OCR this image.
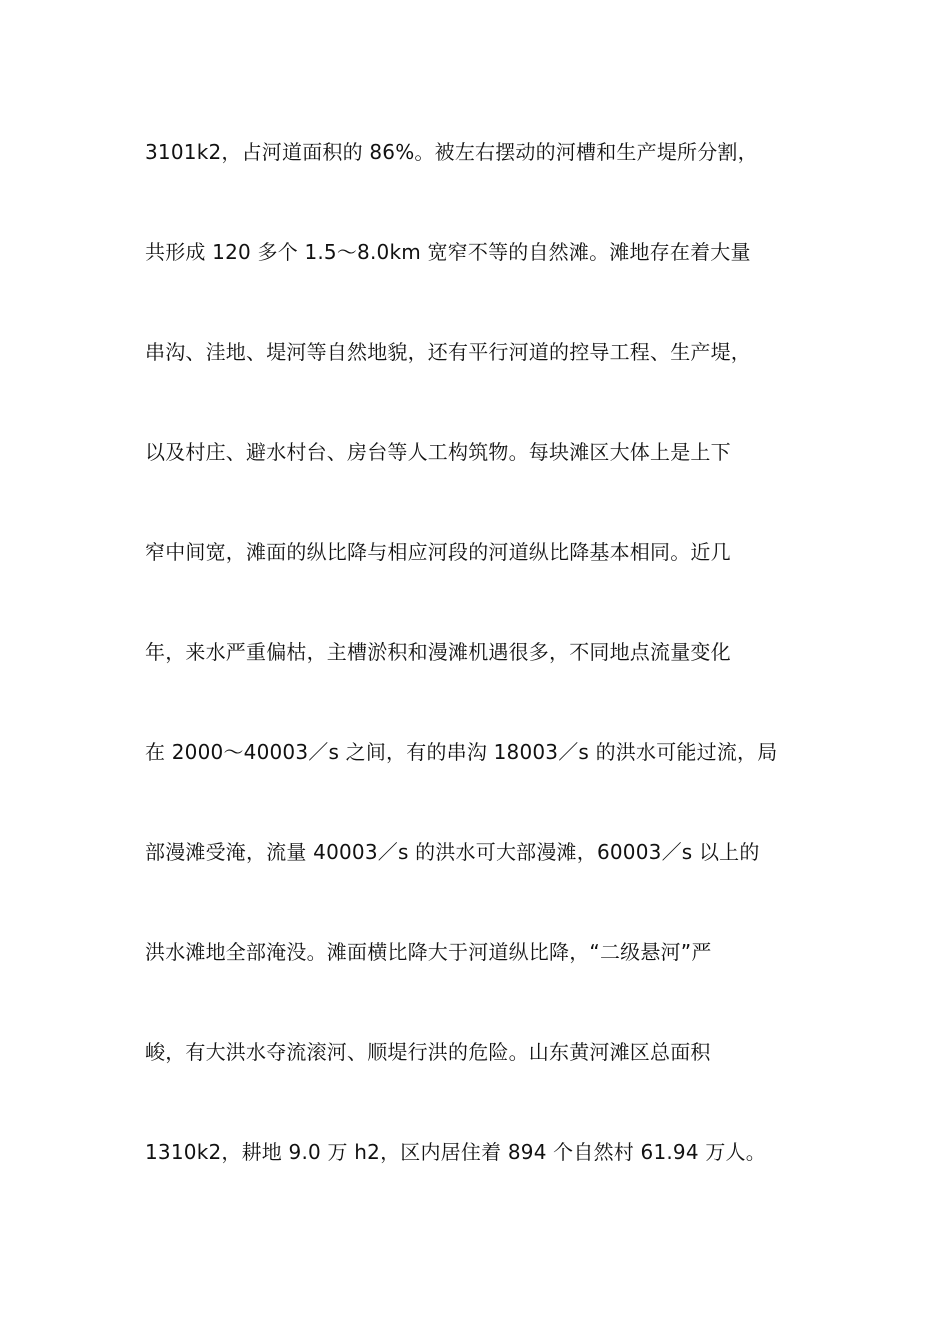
3101k2，占河道面积的 86%。被左右摆动的河槽和生产堤所分割，

共形成 120 多个 1.5～8.0km 宽窄不等的自然滩。滩地存在着大量

串沟、洼地、堤河等自然地貌，还有平行河道的控导工程、生产堤，

以及村庄、避水村台、房台等人工构筑物。每块滩区大体上是上下

窄中间宽，滩面的纵比降与相应河段的河道纵比降基本相同。近几

年，来水严重偏枯，主槽淤积和漫滩机遇很多，不同地点流量变化

在 2000～40003／s 之间，有的串沟 18003／s 的洪水可能过流，局

部漫滩受淹，流量 40003／s 的洪水可大部漫滩，60003／s 以上的

洪水滩地全部淹没。滩面横比降大于河道纵比降，“二级悬河”严

峻，有大洪水夺流滚河、顺堤行洪的危险。山东黄河滩区总面积

1310k2，耕地 9.0 万 h2，区内居住着 894 个自然村 61.94 万人。
